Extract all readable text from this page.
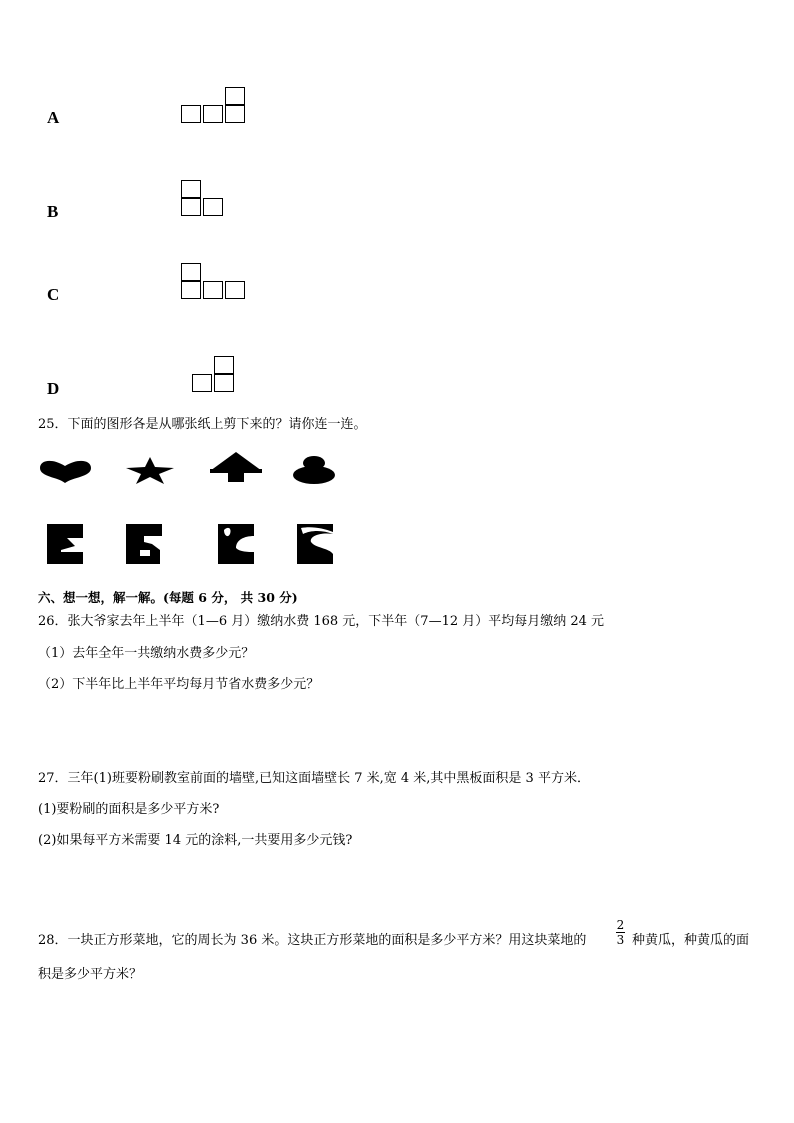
A
B
C
D
25．下面的图形各是从哪张纸上剪下来的？请你连一连。
六、想一想，解一解。(每题 6 分， 共 30 分)
26．张大爷家去年上半年（1—6 月）缴纳水费 168 元，下半年（7—12 月）平均每月缴纳 24 元
（1）去年全年一共缴纳水费多少元？
（2）下半年比上半年平均每月节省水费多少元？
27．三年(1)班要粉刷教室前面的墙壁,已知这面墙壁长 7 米,宽 4 米,其中黑板面积是 3 平方米．
(1)要粉刷的面积是多少平方米?
(2)如果每平方米需要 14 元的涂料,一共要用多少元钱?
28．一块正方形菜地，它的周长为 36 米。这块正方形菜地的面积是多少平方米？用这块菜地的
2
3 种黄瓜，种黄瓜的面
积是多少平方米？
